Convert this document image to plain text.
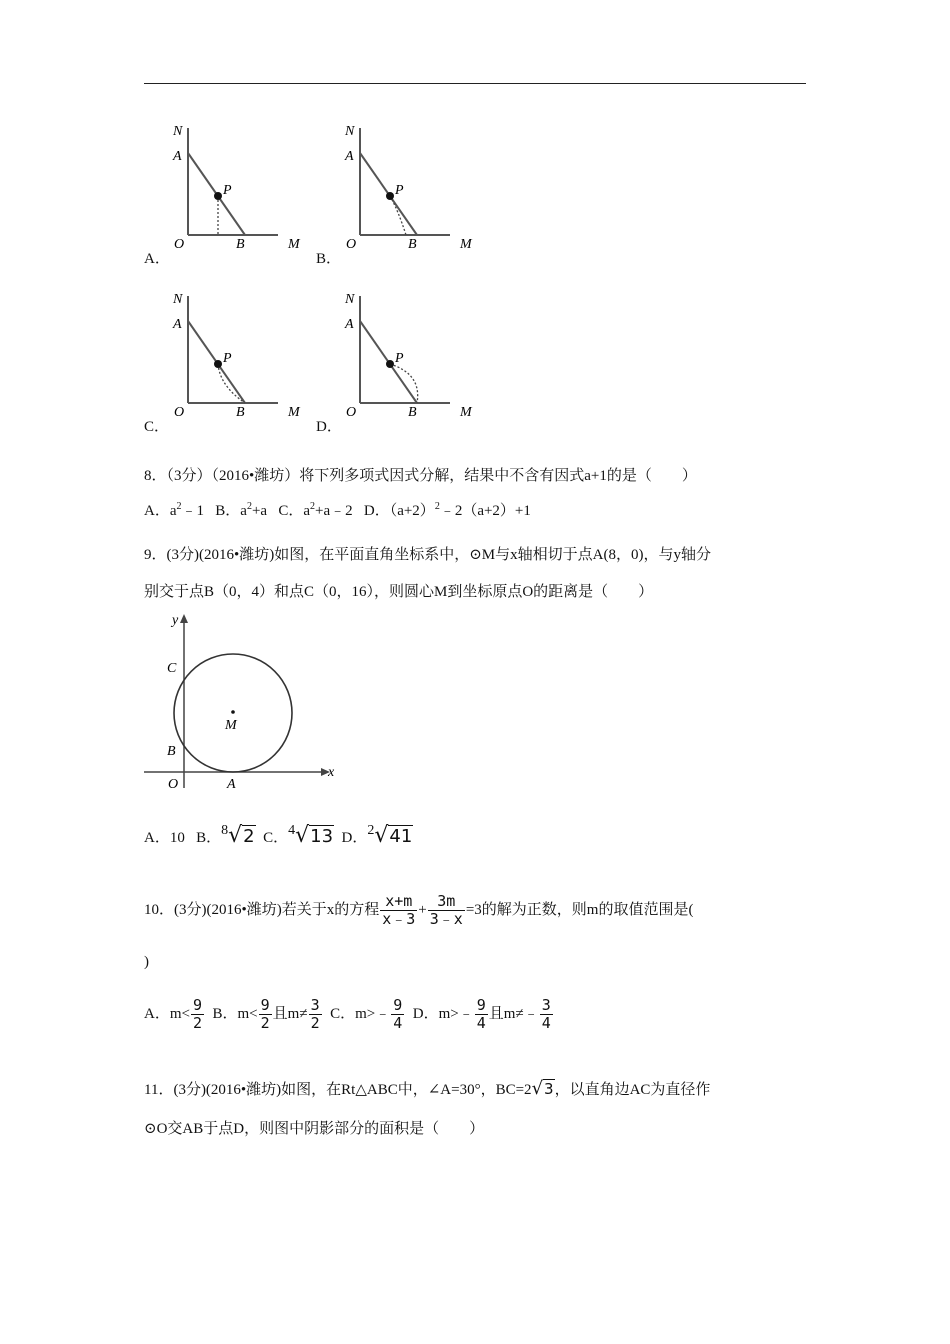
A．
N
A
P
O	B	M
B．
N
A
P
O	B	M
C．
N
A
P
O	B	M
D．
N
A
P
O	B	M
8．（3分）（2016•潍坊）将下列多项式因式分解，结果中不含有因式a+1的是（　　）
A．$a^2﹣1$ B．$a^2+a$ C．$a^2+a﹣2$ D．$(a+2)^2﹣2(a+2)+1$
9．(3分)(2016•潍坊)如图，在平面直角坐标系中，⊙M与x轴相切于点A(8，0)，与y轴分
别交于点B（0，4）和点C（0，16），则圆心M到坐标原点O的距离是（　　）
y
C
M
B
O	A
x
A．10 B．8√2 C．4√13 D．2√41
10．(3分)(2016•潍坊)若关于x的方程 $\frac{x+m}{x﹣3} + \frac{3m}{3﹣x} =3$的解为正数，则m的取值范围是(
)
A．$m< \frac{9}{2}$ B．$m< \frac{9}{2}$ 且$m\ne \frac{3}{2}$ C．m>﹣ $\frac{9}{4}$ D．m>﹣ $\frac{9}{4}$ 且m≠﹣ $\frac{3}{4}$
11．(3分)(2016•潍坊)如图，在Rt△ABC中，∠A=30°，BC=2√3，以直角边AC为直径作
⊙O交AB于点D，则图中阴影部分的面积是（　　）
